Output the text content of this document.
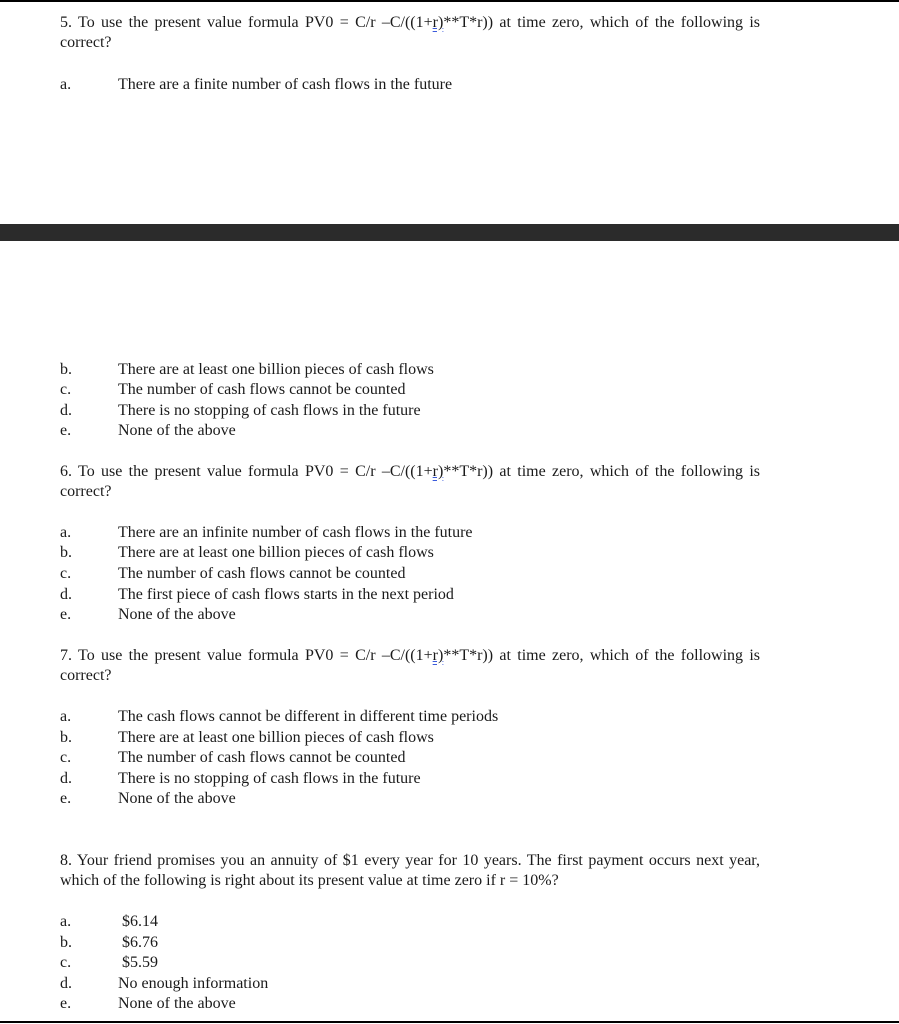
5. To use the present value formula PV0 = C/r –C/((1+r)**T*r)) at time zero, which of the following is correct?
a.	There are a finite number of cash flows in the future
b.	There are at least one billion pieces of cash flows
c.	The number of cash flows cannot be counted
d.	There is no stopping of cash flows in the future
e.	None of the above
6. To use the present value formula PV0 = C/r –C/((1+r)**T*r)) at time zero, which of the following is correct?
a.	There are an infinite number of cash flows in the future
b.	There are at least one billion pieces of cash flows
c.	The number of cash flows cannot be counted
d.	The first piece of cash flows starts in the next period
e.	None of the above
7. To use the present value formula PV0 = C/r –C/((1+r)**T*r)) at time zero, which of the following is correct?
a.	The cash flows cannot be different in different time periods
b.	There are at least one billion pieces of cash flows
c.	The number of cash flows cannot be counted
d.	There is no stopping of cash flows in the future
e.	None of the above
8. Your friend promises you an annuity of $1 every year for 10 years. The first payment occurs next year, which of the following is right about its present value at time zero if r = 10%?
a.	$6.14
b.	$6.76
c.	$5.59
d.	No enough information
e.	None of the above
